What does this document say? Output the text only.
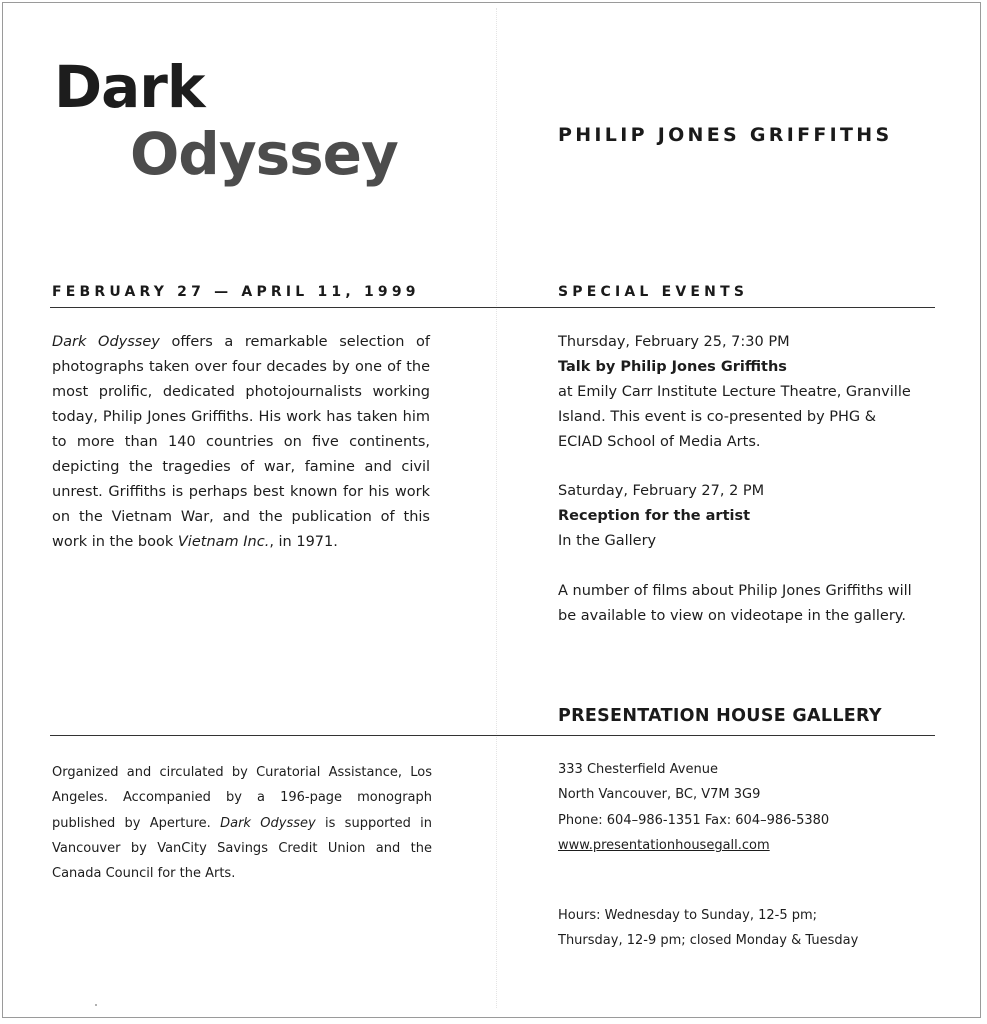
Dark
Odyssey	PHILIP JONES GRIFFITHS
FEBRUARY 27 — APRIL 11, 1999	SPECIAL EVENTS

Dark Odyssey offers a remarkable selection of photographs taken over four decades by one of the most prolific, dedicated photojournalists working today, Philip Jones Griffiths. His work has taken him to more than 140 countries on five continents, depicting the tragedies of war, famine and civil unrest. Griffiths is perhaps best known for his work on the Vietnam War, and the publication of this work in the book Vietnam Inc., in 1971.

Thursday, February 25, 7:30 PM
Talk by Philip Jones Griffiths
at Emily Carr Institute Lecture Theatre, Granville
Island. This event is co-presented by PHG &
ECIAD School of Media Arts.
Saturday, February 27, 2 PM
Reception for the artist
In the Gallery
A number of films about Philip Jones Griffiths will
be available to view on videotape in the gallery.
PRESENTATION HOUSE GALLERY

Organized and circulated by Curatorial Assistance, Los Angeles. Accompanied by a 196-page monograph published by Aperture. Dark Odyssey is supported in Vancouver by VanCity Savings Credit Union and the Canada Council for the Arts.

333 Chesterfield Avenue
North Vancouver, BC, V7M 3G9
Phone: 604–986-1351 Fax: 604–986-5380
www.presentationhousegall.com
Hours: Wednesday to Sunday, 12-5 pm;
Thursday, 12-9 pm; closed Monday & Tuesday
